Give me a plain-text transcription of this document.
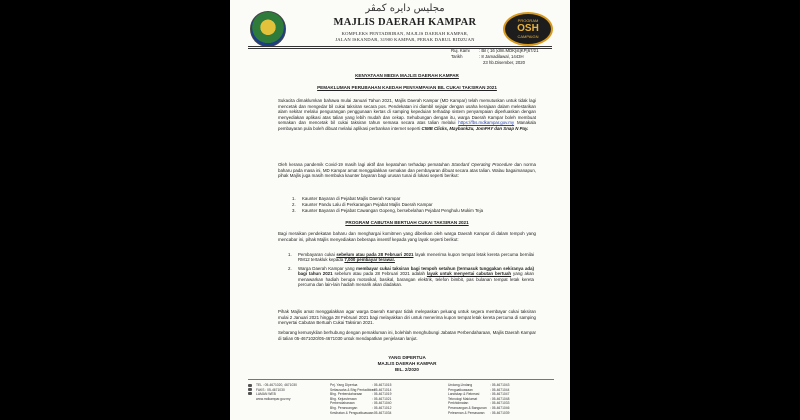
مجليس دايرە كمڤر
MAJLIS DAERAH KAMPAR
KOMPLEKS PENTADBIRAN, MAJLIS DAERAH KAMPAR,
JALAN ISKANDAR, 31900 KAMPAR, PERAK DARUL RIDZUAN
PROGRAM
OSH
CAMPAIGN
Ruj. Kami	: Bil ( 16 )dlm.MDK[st]KP[67/21
Tarikh	: 8 Jamadilawal, 1443H
23 hb.Disember, 2020
KENYATAAN MEDIA MAJLIS DAERAH KAMPAR
PEMAKLUMAN PERUBAHAN KAEDAH PENYAMPAIAN BIL CUKAI TAKSIRAN 2021
Sukacita dimaklumkan bahawa mulai Januari Tahun 2021, Majlis Daerah Kampar (MD Kampar) telah memutuskan untuk tidak lagi mencetak dan mengedar bil cukai taksiran secara pos. Pendekatan ini diambil sejajar dengan usaha kerajaan dalam melestarikan alam sekitar melalui pengurangan penggunaan kertas di samping kepeduian terhadap sistem penyampaian diperluaskan dengan menyediakan aplikasi atas talian yang lebih mudah dan cekap. Sehubungan dengan itu, warga Daerah Kampar boleh membuat semakan dan mencetak bil cukai taksiran tahun semasa secara atas talian melalui https://fbs.mdkampar.gov.my Manakala pembayaran pula boleh dibuat melalui aplikasi perbankan internet seperti CIMB Clicks, Maybank2u, JomPAY dan Snap N Pay.
Oleh kerana pandemik Covid-19 masih lagi aktif dan kepatuhan terhadap pematuhan Standard Operating Procedure dan norma baharu pada masa ini, MD Kampar amat menggalakkan semakan dan pembayaran dibuat secara atas talian. Walau bagaimanapun, pihak Majlis juga masih membuka kaunter bayaran bagi urusan tunai di lokasi seperti berikut:
1.	Kaunter Bayaran di Pejabat Majlis Daerah Kampar
2.	Kaunter Pandu Lalu di Perkarangan Pejabat Majlis Daerah Kampar
3.	Kaunter Bayaran di Pejabat Cawangan Gopeng, bersebelahan Pejabat Penghulu Mukim Teja
PROGRAM CABUTAN BERTUAH CUKAI TAKSIRAN 2021
Bagi meraikan pendekatan baharu dan menghargai komitmen yang diberikan oleh warga Daerah Kampar di dalam tempoh yang mencabar ini, pihak Majlis menyediakan beberapa insentif kepada yang layak seperti berikut:
1.	Pembayaran cukai sebelum atau pada 28 Februari 2021 layak menerima kupon tempat letak kereta percuma bernilai RM12 tertakluk kepada 7,000 pembayar terawal.
2.	Warga Daerah Kampar yang membayar cukai taksiran bagi tempoh setahun (termasuk tunggakan sekiranya ada) bagi tahun 2021 sebelum atau pada 28 Februari 2021 adalah layak untuk menyertai cabutan bertuah yang akan menawarkan hadiah berupa motosikal, basikal, barangan elektrik, telefon bimbit, pas bulanan tempat letak kereta percuma dan lain-lain hadiah menarik akan diadakan.
Pihak Majlis amat menggalakkan agar warga Daerah Kampar tidak melepaskan peluang untuk segera membayar cukai taksiran mulai 2 Januari 2021 hingga 28 Februari 2021 bagi melayakkan diri untuk menerima kupon tempat letak kereta percuma di samping menyertai Cabutan Bertuah Cukai Taksiran 2021.
Sebarang kemusykilan berhubung dengan pemakluman ini, bolehlah menghubungi Jabatan Perbendaharaan, Majlis Daerah Kampar di talian 05-4671020/05-4671030 untuk mendapatkan penjelasan lanjut.
YANG DIPERTUA
MAJLIS DAERAH KAMPAR
BIL. 2/2020
TEL : 05-4671020, 4671030
FAKS : 05-4671030
LAMAN WEB
www.mdkampar.gov.my
Pej. Yang Dipertua	: 05-4671015
Setiausaha & Bhg Pentadbiran
: 05-4671014
Bhg. Perbendaharaan	: 05-4671019
Bhg. Kejuruteraan	: 05-4671021
Perbendaharaan	: 05-4671040
Bhg. Perancangan	: 05-4671012
Kesihatan & Penguatkuasaan
: 05-4671034
Undang-Undang	: 05-4671043
Penguatkuasaan	: 05-4671044
Landskap & Rekreasi	: 05-4671047
Teknologi Maklumat	: 05-4671048
Perkhidmatan	: 05-4671033
Perancangan & Bangunan	: 05-4671046
Pelesenan & Pemasaran	: 05-4671039
